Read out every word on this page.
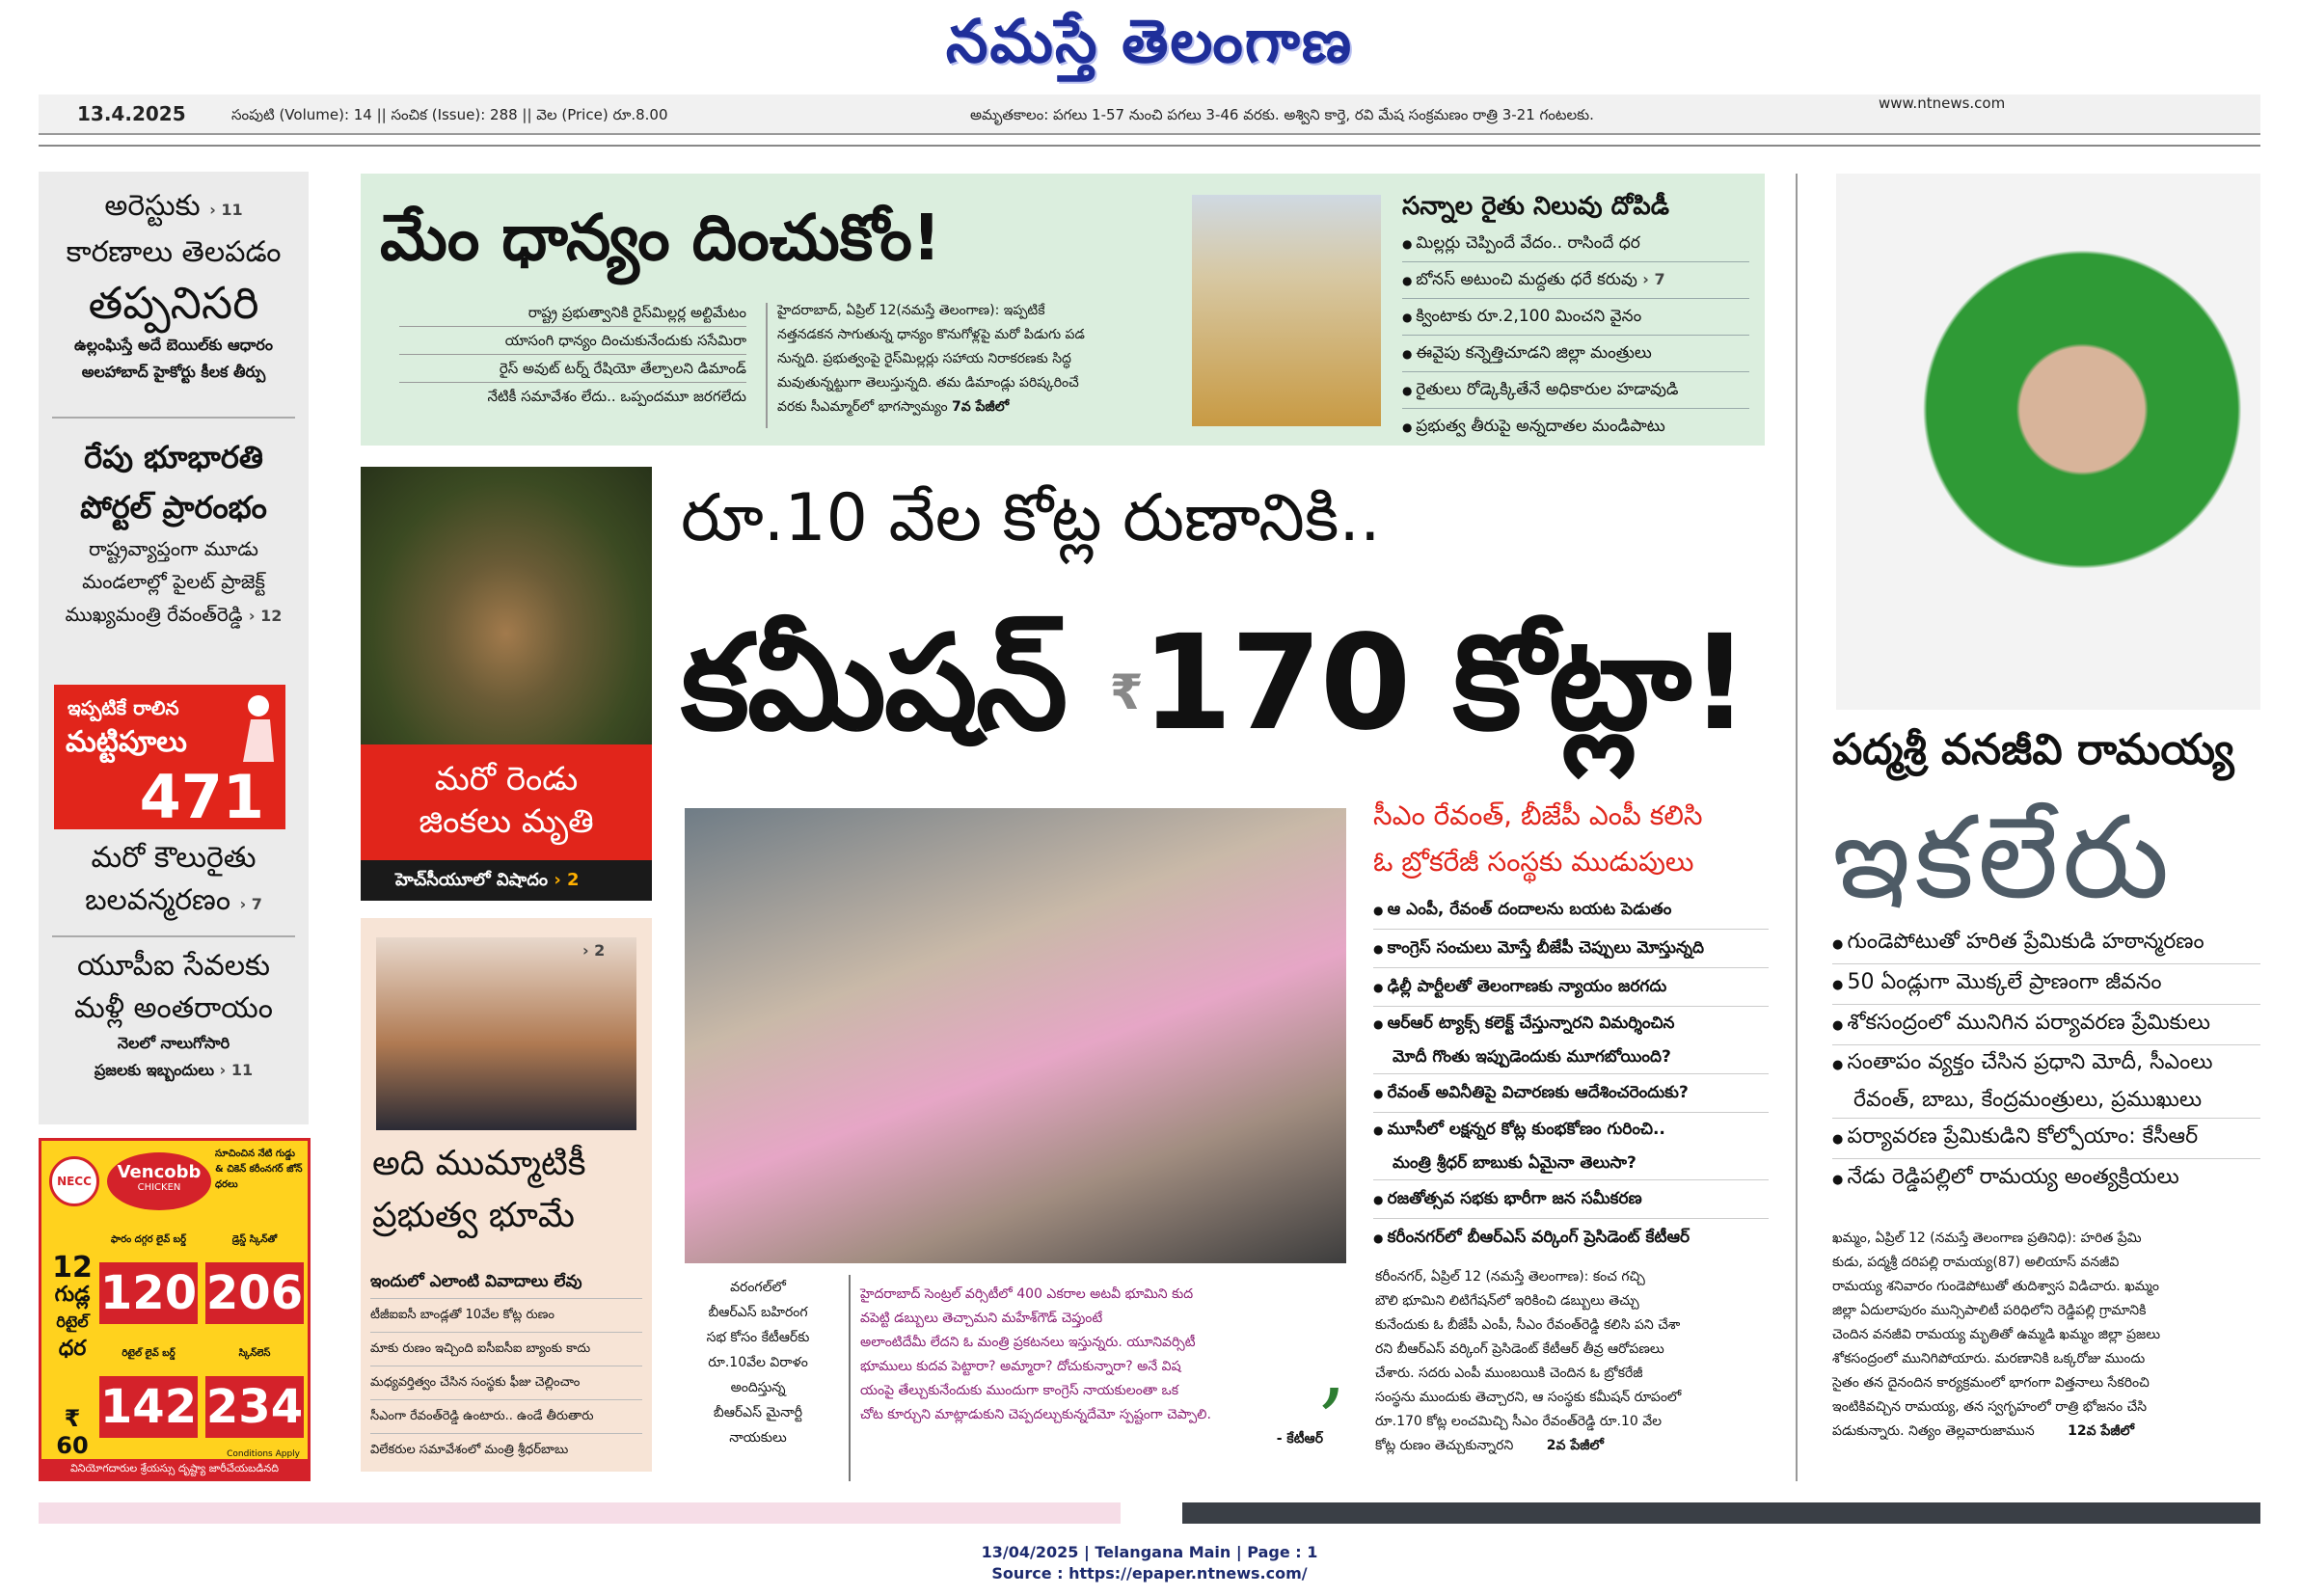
నమస్తే తెలంగాణ
13.4.2025	సంపుటి (Volume): 14 || సంచిక (Issue): 288 || వెల (Price) రూ.8.00	అమృతకాలం: పగలు 1-57 నుంచి పగలు 3-46 వరకు. అశ్విని కార్తె, రవి మేష సంక్రమణం రాత్రి 3-21 గంటలకు.
www.ntnews.com
అరెస్టుకు › 11
కారణాలు తెలపడం
తప్పనిసరి
ఉల్లంఘిస్తే అదే బెయిల్‌కు ఆధారం
అలహాబాద్ హైకోర్టు కీలక తీర్పు
రేపు భూభారతి
పోర్టల్ ప్రారంభం
రాష్ట్రవ్యాప్తంగా మూడు
మండలాల్లో పైలట్ ప్రాజెక్ట్
ముఖ్యమంత్రి రేవంత్‌రెడ్డి › 12
మరో కౌలురైతు
బలవన్మరణం › 7
యూపీఐ సేవలకు
మళ్లీ అంతరాయం
నెలలో నాలుగోసారి
ప్రజలకు ఇబ్బందులు › 11
ఇప్పటికే రాలిన
మట్టిపూలు
471
NECC	Vencobb
CHICKEN
సూచించిన నేటి గుడ్డు & చికెన్ కరీంనగర్ జోన్ ధరలు
12
గుడ్ల
రిటైల్
ధర
₹ 60
ఫారం దగ్గర లైవ్ బర్డ్	డ్రెస్డ్ స్కిన్‌తో
120 206
రిటైల్ లైవ్ బర్డ్	స్కిన్‌లెస్
142 234
Conditions Apply
వినియోగదారుల శ్రేయస్సు దృష్ట్యా జారీచేయబడినది
మేం ధాన్యం దించుకోం!
రాష్ట్ర ప్రభుత్వానికి రైస్‌మిల్లర్ల అల్టిమేటం
యాసంగి ధాన్యం దించుకునేందుకు ససేమిరా
రైస్ అవుట్ టర్న్ రేషియో తేల్చాలని డిమాండ్
నేటికీ సమావేశం లేదు.. ఒప్పందమూ జరగలేదు
హైదరాబాద్, ఏప్రిల్ 12(నమస్తే తెలంగాణ): ఇప్పటికే
నత్తనడకన సాగుతున్న ధాన్యం కొనుగోళ్లపై మరో పిడుగు పడ
నున్నది. ప్రభుత్వంపై రైస్‌మిల్లర్లు సహాయ నిరాకరణకు సిద్ధ
మవుతున్నట్టుగా తెలుస్తున్నది. తమ డిమాండ్లు పరిష్కరించే
వరకు సీఎమ్మార్‌లో భాగస్వామ్యం 7వ పేజీలో
సన్నాల రైతు నిలువు దోపిడీ
● మిల్లర్లు చెప్పిందే వేదం.. రాసిందే ధర
● బోనస్ అటుంచి మద్దతు ధరే కరువు › 7
● క్వింటాకు రూ.2,100 మించని వైనం
● ఈవైపు కన్నెత్తిచూడని జిల్లా మంత్రులు
● రైతులు రోడ్కెక్కితేనే అధికారుల హడావుడి
● ప్రభుత్వ తీరుపై అన్నదాతల మండిపాటు
మరో రెండు
జింకలు మృతి
హెచ్‌సీయూలో విషాదం › 2
› 2
అది ముమ్మాటికీ
ప్రభుత్వ భూమే
ఇందులో ఎలాంటి వివాదాలు లేవు
టీజీఐఐసీ బాండ్లతో 10వేల కోట్ల రుణం
మాకు రుణం ఇచ్చింది ఐసీఐసీఐ బ్యాంకు కాదు
మధ్యవర్తిత్వం చేసిన సంస్థకు ఫీజు చెల్లించాం
సీఎంగా రేవంత్‌రెడ్డి ఉంటారు.. ఉండే తీరుతారు
విలేకరుల సమావేశంలో మంత్రి శ్రీధర్‌బాబు
రూ.10 వేల కోట్ల రుణానికి..
కమీషన్ ₹170 కోట్లా!
సీఎం రేవంత్, బీజేపీ ఎంపీ కలిసి
ఓ బ్రోకరేజీ సంస్థకు ముడుపులు
● ఆ ఎంపీ, రేవంత్ దందాలను బయట పెడుతం
● కాంగ్రెస్ సంచులు మోస్తే బీజేపీ చెప్పులు మోస్తున్నది
● ఢిల్లీ పార్టీలతో తెలంగాణకు న్యాయం జరగదు
● ఆర్‌ఆర్ ట్యాక్స్ కలెక్ట్ చేస్తున్నారని విమర్శించిన
మోదీ గొంతు ఇప్పుడెందుకు మూగబోయింది?
● రేవంత్ అవినీతిపై విచారణకు ఆదేశించరెందుకు?
● మూసీలో లక్షన్నర కోట్ల కుంభకోణం గురించి..
మంత్రి శ్రీధర్ బాబుకు ఏమైనా తెలుసా?
● రజతోత్సవ సభకు భారీగా జన సమీకరణ
● కరీంనగర్‌లో బీఆర్‌ఎస్ వర్కింగ్ ప్రెసిడెంట్ కేటీఆర్
వరంగల్‌లో
బీఆర్‌ఎస్ బహిరంగ
సభ కోసం కేటీఆర్‌కు
రూ.10వేల విరాళం
అందిస్తున్న
బీఆర్‌ఎస్ మైనార్టీ
నాయకులు
హైదరాబాద్ సెంట్రల్ వర్సిటీలో 400 ఎకరాల అటవీ భూమిని కుద
వపెట్టి డబ్బులు తెచ్చామని మహేశ్‌గౌడ్ చెప్తుంటే
అలాంటిదేమీ లేదని ఓ మంత్రి ప్రకటనలు ఇస్తున్నరు. యూనివర్సిటీ
భూములు కుదవ పెట్టారా? అమ్మారా? దోచుకున్నారా? అనే విష
యంపై తేల్చుకునేందుకు ముందుగా కాంగ్రెస్ నాయకులంతా ఒక
చోట కూర్చుని మాట్లాడుకుని చెప్పదల్చుకున్నదేమో స్పష్టంగా చెప్పాలి.
- కేటీఆర్
,
కరీంనగర్, ఏప్రిల్ 12 (నమస్తే తెలంగాణ): కంచ గచ్చి
బౌలి భూమిని లిటిగేషన్‌లో ఇరికించి డబ్బులు తెచ్చు
కునేందుకు ఓ బీజేపీ ఎంపీ, సీఎం రేవంత్‌రెడ్డి కలిసి పని చేశా
రని బీఆర్‌ఎస్ వర్కింగ్ ప్రెసిడెంట్ కేటీఆర్ తీవ్ర ఆరోపణలు
చేశారు. సదరు ఎంపీ ముంబయికి చెందిన ఓ బ్రోకరేజీ
సంస్థను ముందుకు తెచ్చారని, ఆ సంస్థకు కమీషన్ రూపంలో
రూ.170 కోట్ల లంచమిచ్చి సీఎం రేవంత్‌రెడ్డి రూ.10 వేల
కోట్ల రుణం తెచ్చుకున్నారని 2వ పేజీలో
పద్మశ్రీ వనజీవి రామయ్య
ఇకలేరు
● గుండెపోటుతో హరిత ప్రేమికుడి హఠాన్మరణం
● 50 ఏండ్లుగా మొక్కలే ప్రాణంగా జీవనం
● శోకసంద్రంలో మునిగిన పర్యావరణ ప్రేమికులు
● సంతాపం వ్యక్తం చేసిన ప్రధాని మోదీ, సీఎంలు
రేవంత్, బాబు, కేంద్రమంత్రులు, ప్రముఖులు
● పర్యావరణ ప్రేమికుడిని కోల్పోయాం: కేసీఆర్
● నేడు రెడ్డిపల్లిలో రామయ్య అంత్యక్రియలు
ఖమ్మం, ఏప్రిల్ 12 (నమస్తే తెలంగాణ ప్రతినిధి): హరిత ప్రేమి
కుడు, పద్మశ్రీ దరిపల్లి రామయ్య(87) అలియాస్ వనజీవి
రామయ్య శనివారం గుండెపోటుతో తుదిశ్వాస విడిచారు. ఖమ్మం
జిల్లా ఏదులాపురం మున్సిపాలిటీ పరిధిలోని రెడ్డిపల్లి గ్రామానికి
చెందిన వనజీవి రామయ్య మృతితో ఉమ్మడి ఖమ్మం జిల్లా ప్రజలు
శోకసంద్రంలో మునిగిపోయారు. మరణానికి ఒక్కరోజు ముందు
సైతం తన దైనందిన కార్యక్రమంలో భాగంగా విత్తనాలు సేకరించి
ఇంటికివచ్చిన రామయ్య, తన స్వగృహంలో రాత్రి భోజనం చేసి
పడుకున్నారు. నిత్యం తెల్లవారుజామున 12వ పేజీలో
13/04/2025 | Telangana Main | Page : 1
Source : https://epaper.ntnews.com/
